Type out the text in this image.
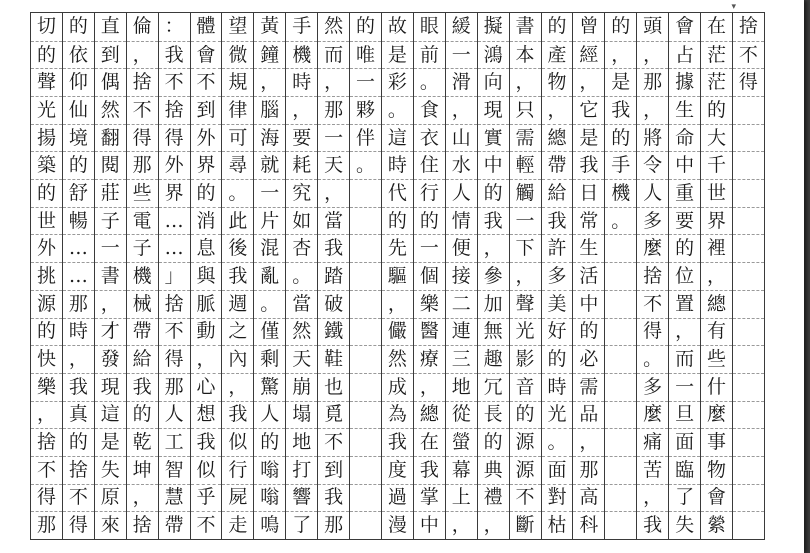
▾
切
的
聲
光
揚
築
的
世
外
挑
源
的
快
樂
，
捨
不
得
那
的
依
仰
仙
境
的
舒
暢
…
…
那
時
，
我
真
的
捨
不
得
直
到
偶
然
翻
閱
莊
子
一
書
，
才
發
現
這
是
失
原
來
倫
，
捨
不
得
那
些
電
子
機
械
帶
給
我
的
乾
坤
，
捨
：
我
不
捨
得
外
界
…
…
」
捨
不
得
那
人
工
智
慧
帶
體
會
不
到
外
界
的
消
息
與
脈
動
，
心
想
我
似
乎
不
望
微
規
律
可
尋
。
此
後
我
週
之
內
，
我
似
行
屍
走
黃
鐘
，
腦
海
就
一
片
混
亂
。
僅
剩
驚
人
的
嗡
嗡
鳴
手
機
時
，
要
耗
究
如
杏
。
當
然
天
崩
塌
地
打
響
了
然
而
，
那
一
天
，
當
我
踏
破
鐵
鞋
也
覓
不
到
我
那
的
唯
一
夥
伴
。
故
是
彩
。
這
時
代
的
先
驅
，
儼
然
成
為
我
度
過
漫
眼
前
。
食
衣
住
行
的
一
個
樂
醫
療
，
總
在
我
掌
中
緩
一
滑
，
山
水
人
情
便
接
二
連
三
地
從
螢
幕
上
，
擬
鴻
向
現
實
中
的
我
，
參
加
無
趣
冗
長
的
典
禮
，
書
本
，
只
需
輕
觸
一
下
，
聲
光
影
音
的
源
源
不
斷
的
產
物
，
總
帶
給
我
許
多
美
好
的
時
光
。
面
對
枯
曾
經
，
它
是
我
日
常
生
活
中
的
必
需
品
，
那
高
科
的
，
是
我
的
手
機
。
頭
，
那
，
將
令
人
多
麼
捨
不
得
。
多
麼
痛
苦
，
我
會
占
據
生
命
中
重
要
的
位
置
，
而
一
旦
面
臨
了
失
在
茫
茫
的
大
千
世
界
裡
，
總
有
些
什
麼
事
物
會
縈
捨
不
得
